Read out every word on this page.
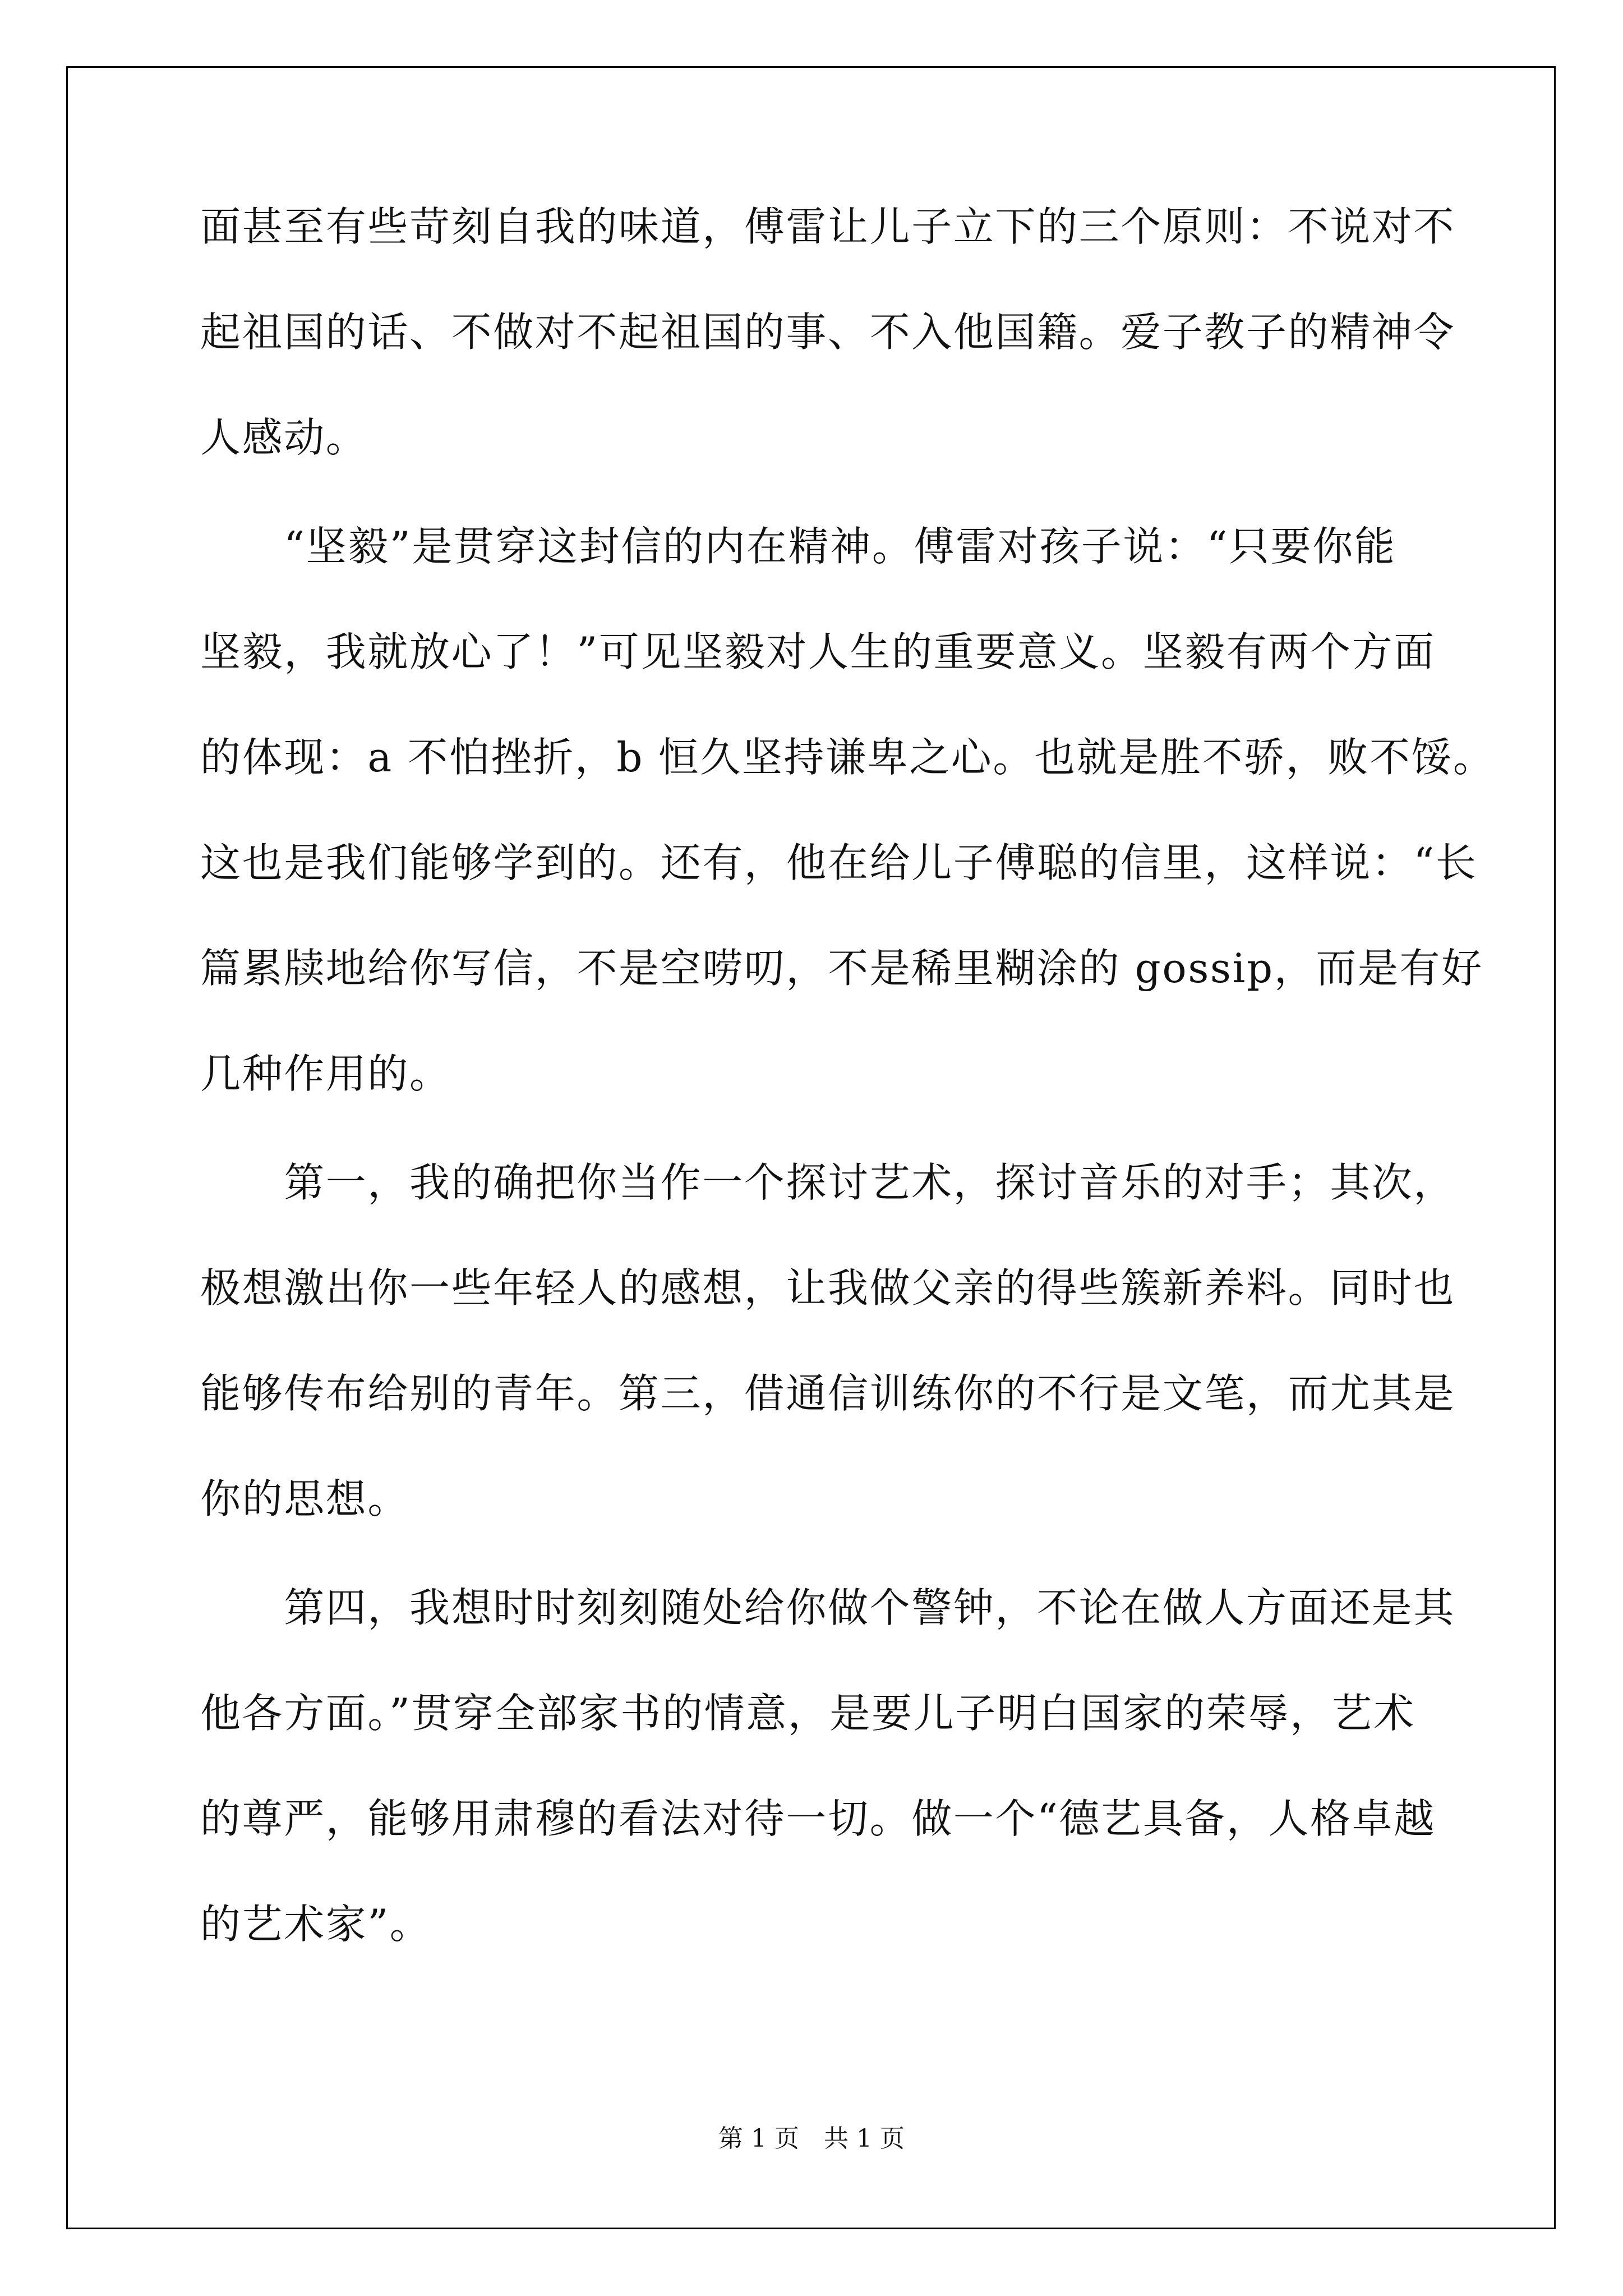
面甚至有些苛刻自我的味道，傅雷让儿子立下的三个原则：不说对不
起祖国的话、不做对不起祖国的事、不入他国籍。爱子教子的精神令
人感动。
　　“坚毅”是贯穿这封信的内在精神。傅雷对孩子说：“只要你能
坚毅，我就放心了！”可见坚毅对人生的重要意义。坚毅有两个方面
的体现：a 不怕挫折，b 恒久坚持谦卑之心。也就是胜不骄，败不馁。
这也是我们能够学到的。还有，他在给儿子傅聪的信里，这样说：“长
篇累牍地给你写信，不是空唠叨，不是稀里糊涂的 gossip，而是有好
几种作用的。
　　第一，我的确把你当作一个探讨艺术，探讨音乐的对手；其次，
极想激出你一些年轻人的感想，让我做父亲的得些簇新养料。同时也
能够传布给别的青年。第三，借通信训练你的不行是文笔，而尤其是
你的思想。
　　第四，我想时时刻刻随处给你做个警钟，不论在做人方面还是其
他各方面。”贯穿全部家书的情意，是要儿子明白国家的荣辱，艺术
的尊严，能够用肃穆的看法对待一切。做一个“德艺具备，人格卓越
的艺术家”。
第 1 页　共 1 页
